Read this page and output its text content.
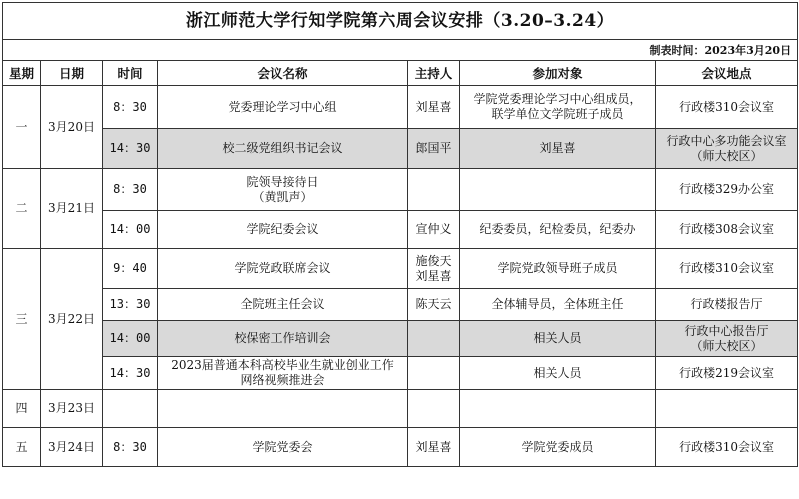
浙江师范大学行知学院第六周会议安排（3.20–3.24）						
制表时间：2023年3月20日						
星期	日期	时间	会议名称	主持人	参加对象	会议地点
一	3月20日	8：30	党委理论学习中心组	刘星喜	学院党委理论学习中心组成员，
联学单位文学院班子成员	行政楼310会议室

		14：30	校二级党组织书记会议	郎国平	刘星喜	行政中心多功能会议室
（师大校区）

二	3月21日	8：30	院领导接待日
（黄凯声）			行政楼329办公室

		14：00	学院纪委会议	宣仲义	纪委委员，纪检委员，纪委办	行政楼308会议室

三	3月22日	9：40	学院党政联席会议	施俊天
刘星喜	学院党政领导班子成员	行政楼310会议室

		13：30	全院班主任会议	陈天云	全体辅导员，全体班主任	行政楼报告厅

		14：00	校保密工作培训会		相关人员	行政中心报告厅
（师大校区）

		14：30	2023届普通本科高校毕业生就业创业工作
网络视频推进会		相关人员	行政楼219会议室

四	3月23日					
五	3月24日	8：30	学院党委会	刘星喜	学院党委成员	行政楼310会议室
